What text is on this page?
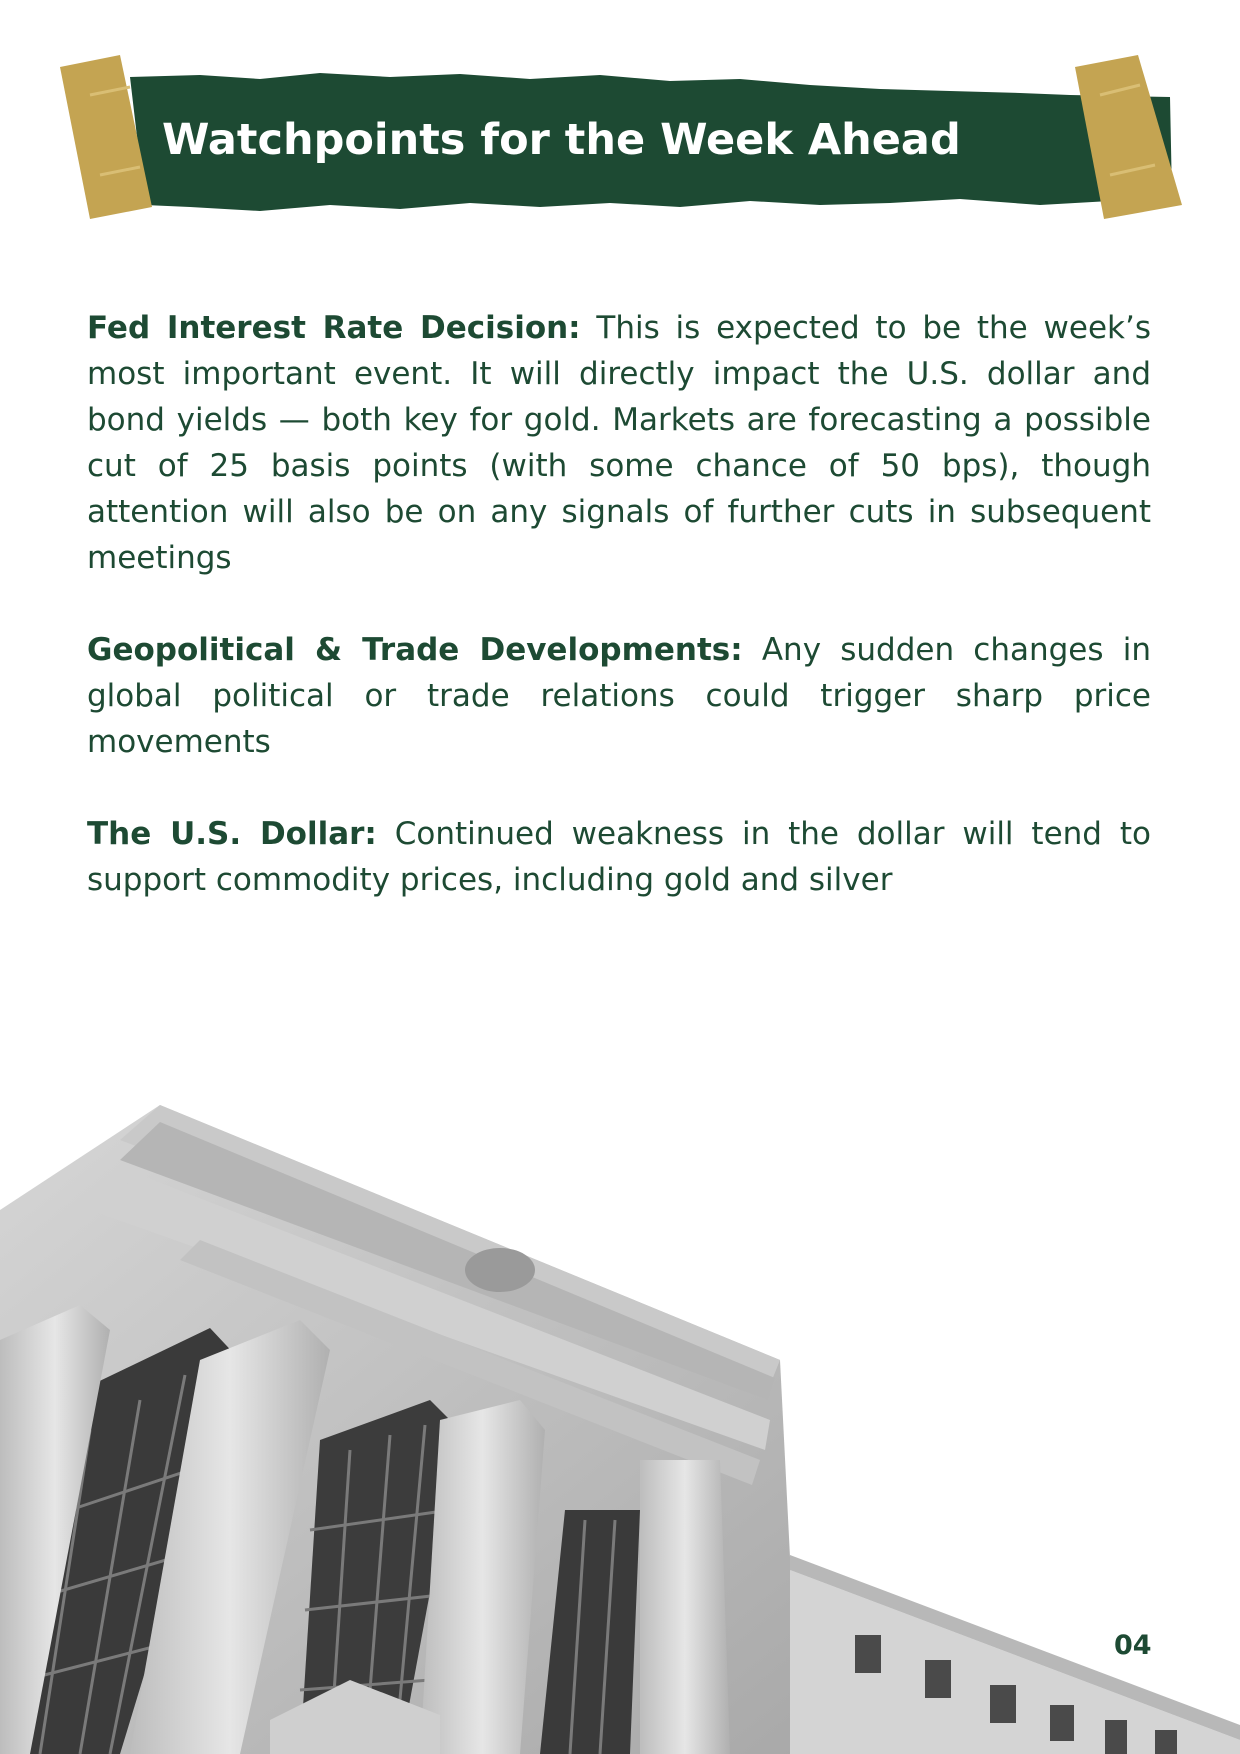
Watchpoints for the Week Ahead

Fed Interest Rate Decision: This is expected to be the week’s most important event. It will directly impact the U.S. dollar and bond yields — both key for gold. Markets are forecasting a possible cut of 25 basis points (with some chance of 50 bps), though attention will also be on any signals of further cuts in subsequent meetings

Geopolitical & Trade Developments: Any sudden changes in global political or trade relations could trigger sharp price movements

The U.S. Dollar: Continued weakness in the dollar will tend to support commodity prices, including gold and silver

04
